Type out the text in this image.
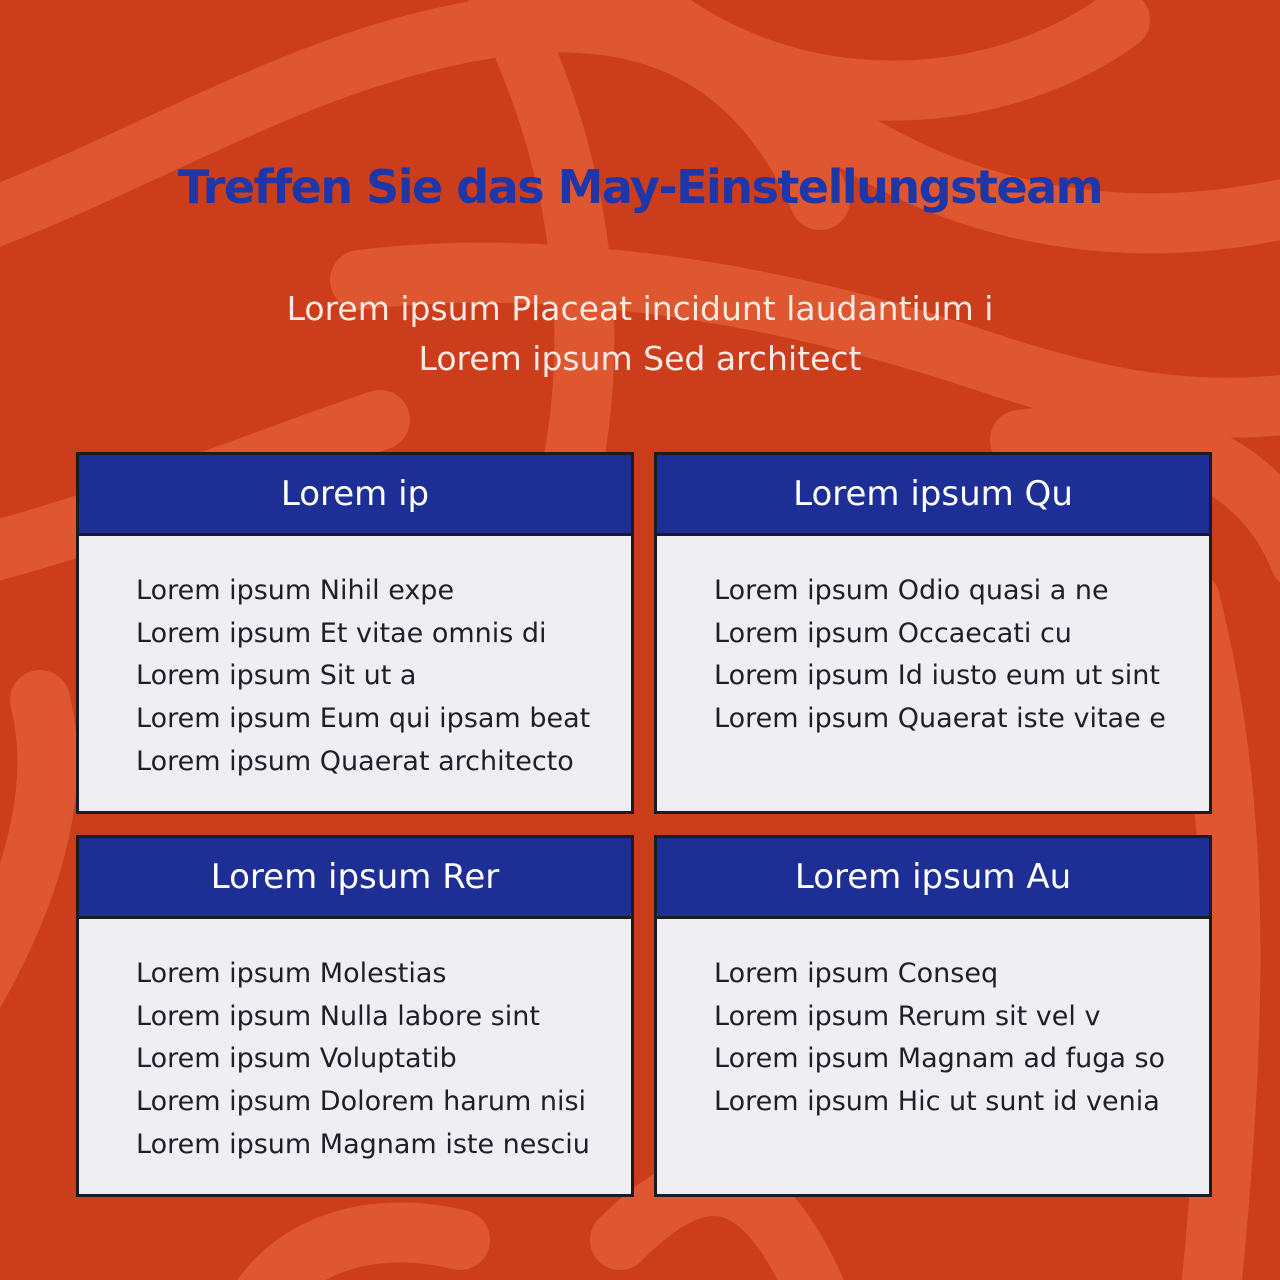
Treffen Sie das May-Einstellungsteam
Lorem ipsum Placeat incidunt laudantium i
Lorem ipsum Sed architect
Lorem ip
Lorem ipsum Nihil expe
Lorem ipsum Et vitae omnis di
Lorem ipsum Sit ut a
Lorem ipsum Eum qui ipsam beat
Lorem ipsum Quaerat architecto
Lorem ipsum Qu
Lorem ipsum Odio quasi a ne
Lorem ipsum Occaecati cu
Lorem ipsum Id iusto eum ut sint
Lorem ipsum Quaerat iste vitae e
Lorem ipsum Rer
Lorem ipsum Molestias
Lorem ipsum Nulla labore sint
Lorem ipsum Voluptatib
Lorem ipsum Dolorem harum nisi
Lorem ipsum Magnam iste nesciu
Lorem ipsum Au
Lorem ipsum Conseq
Lorem ipsum Rerum sit vel v
Lorem ipsum Magnam ad fuga so
Lorem ipsum Hic ut sunt id venia
